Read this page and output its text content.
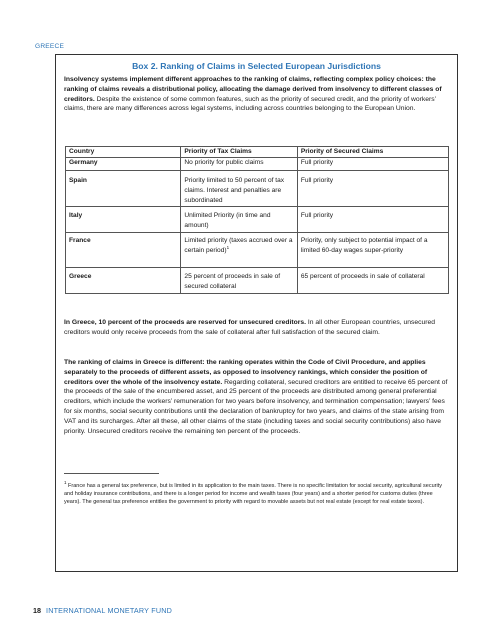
GREECE
Box 2. Ranking of Claims in Selected European Jurisdictions

Insolvency systems implement different approaches to the ranking of claims, reflecting complex policy choices: the ranking of claims reveals a distributional policy, allocating the damage derived from insolvency to different classes of creditors. Despite the existence of some common features, such as the priority of secured credit, and the priority of workers’ claims, there are many differences across legal systems, including across countries belonging to the European Union.

Country	Priority of Tax Claims	Priority of Secured Claims
Germany	No priority for public claims	Full priority
Spain	Priority limited to 50 percent of tax claims. Interest and penalties are subordinated	Full priority
Italy	Unlimited Priority (in time and amount)	Full priority
France	Limited priority (taxes accrued over a certain period)$^1$	Priority, only subject to potential impact of a limited 60-day wages super-priority
Greece	25 percent of proceeds in sale of secured collateral	65 percent of proceeds in sale of collateral

In Greece, 10 percent of the proceeds are reserved for unsecured creditors. In all other European countries, unsecured creditors would only receive proceeds from the sale of collateral after full satisfaction of the secured claim.

The ranking of claims in Greece is different: the ranking operates within the Code of Civil Procedure, and applies separately to the proceeds of different assets, as opposed to insolvency rankings, which consider the position of creditors over the whole of the insolvency estate. Regarding collateral, secured creditors are entitled to receive 65 percent of the proceeds of the sale of the encumbered asset, and 25 percent of the proceeds are distributed among general preferential creditors, which include the workers’ remuneration for two years before insolvency, and termination compensation; lawyers’ fees for six months, social security contributions until the declaration of bankruptcy for two years, and claims of the state arising from VAT and its surcharges. After all these, all other claims of the state (including taxes and social security contributions) also have priority. Unsecured creditors receive the remaining ten percent of the proceeds.

$^1$ France has a general tax preference, but is limited in its application to the main taxes. There is no specific limitation for social security, agricultural security and holiday insurance contributions, and there is a longer period for income and wealth taxes (four years) and a shorter period for customs duties (three years). The general tax preference entitles the government to priority with regard to movable assets but not real estate (except for real estate taxes).

18 INTERNATIONAL MONETARY FUND
